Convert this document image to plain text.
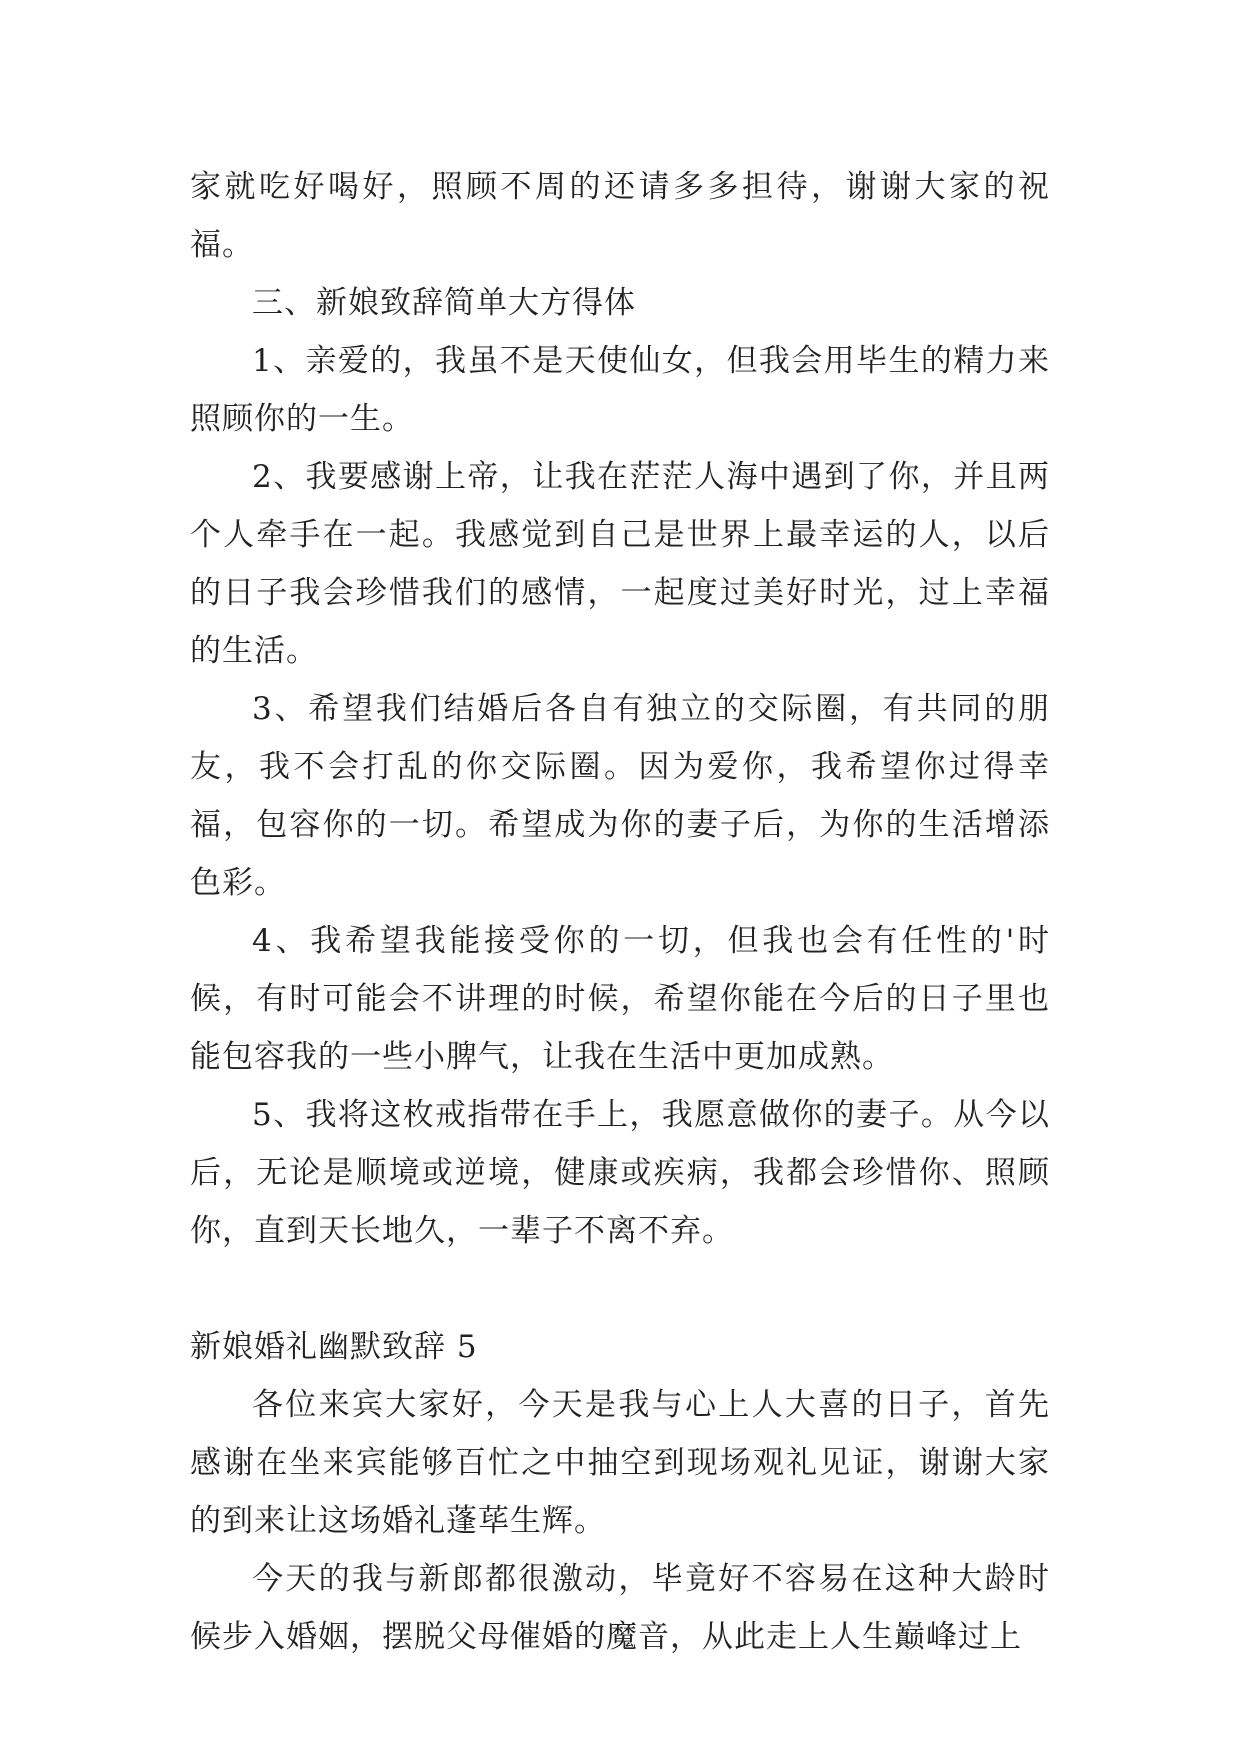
家就吃好喝好，照顾不周的还请多多担待，谢谢大家的祝福。

三、新娘致辞简单大方得体

1、亲爱的，我虽不是天使仙女，但我会用毕生的精力来照顾你的一生。

2、我要感谢上帝，让我在茫茫人海中遇到了你，并且两个人牵手在一起。我感觉到自己是世界上最幸运的人，以后的日子我会珍惜我们的感情，一起度过美好时光，过上幸福的生活。

3、希望我们结婚后各自有独立的交际圈，有共同的朋友，我不会打乱的你交际圈。因为爱你，我希望你过得幸福，包容你的一切。希望成为你的妻子后，为你的生活增添色彩。

4、我希望我能接受你的一切，但我也会有任性的'时候，有时可能会不讲理的时候，希望你能在今后的日子里也能包容我的一些小脾气，让我在生活中更加成熟。

5、我将这枚戒指带在手上，我愿意做你的妻子。从今以后，无论是顺境或逆境，健康或疾病，我都会珍惜你、照顾你，直到天长地久，一辈子不离不弃。

新娘婚礼幽默致辞 5

各位来宾大家好，今天是我与心上人大喜的日子，首先感谢在坐来宾能够百忙之中抽空到现场观礼见证，谢谢大家的到来让这场婚礼蓬荜生辉。

今天的我与新郎都很激动，毕竟好不容易在这种大龄时候步入婚姻，摆脱父母催婚的魔音，从此走上人生巅峰过上
